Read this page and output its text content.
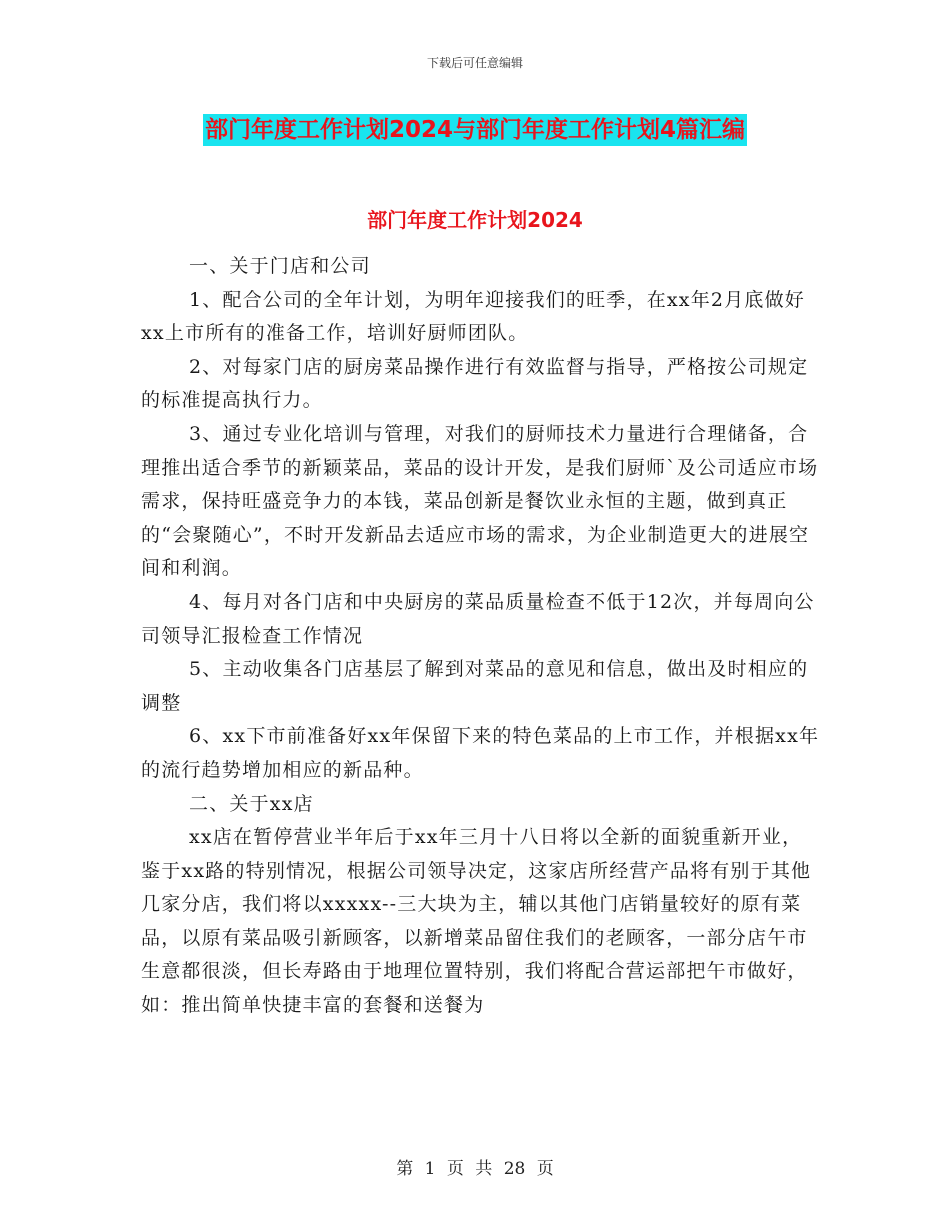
下载后可任意编辑
部门年度工作计划2024与部门年度工作计划4篇汇编
部门年度工作计划2024

一、关于门店和公司

1、配合公司的全年计划，为明年迎接我们的旺季，在xx年2月底做好xx上市所有的准备工作，培训好厨师团队。

2、对每家门店的厨房菜品操作进行有效监督与指导，严格按公司规定的标准提高执行力。

3、通过专业化培训与管理，对我们的厨师技术力量进行合理储备，合理推出适合季节的新颖菜品，菜品的设计开发，是我们厨师`及公司适应市场需求，保持旺盛竞争力的本钱，菜品创新是餐饮业永恒的主题，做到真正的“会聚随心”，不时开发新品去适应市场的需求，为企业制造更大的进展空间和利润。

4、每月对各门店和中央厨房的菜品质量检查不低于12次，并每周向公司领导汇报检查工作情况

5、主动收集各门店基层了解到对菜品的意见和信息，做出及时相应的调整

6、xx下市前准备好xx年保留下来的特色菜品的上市工作，并根据xx年的流行趋势增加相应的新品种。

二、关于xx店

xx店在暂停营业半年后于xx年三月十八日将以全新的面貌重新开业，鉴于xx路的特别情况，根据公司领导决定，这家店所经营产品将有别于其他几家分店，我们将以xxxxx--三大块为主，辅以其他门店销量较好的原有菜品，以原有菜品吸引新顾客，以新增菜品留住我们的老顾客，一部分店午市生意都很淡，但长寿路由于地理位置特别，我们将配合营运部把午市做好，如：推出简单快捷丰富的套餐和送餐为

第 1 页 共 28 页
